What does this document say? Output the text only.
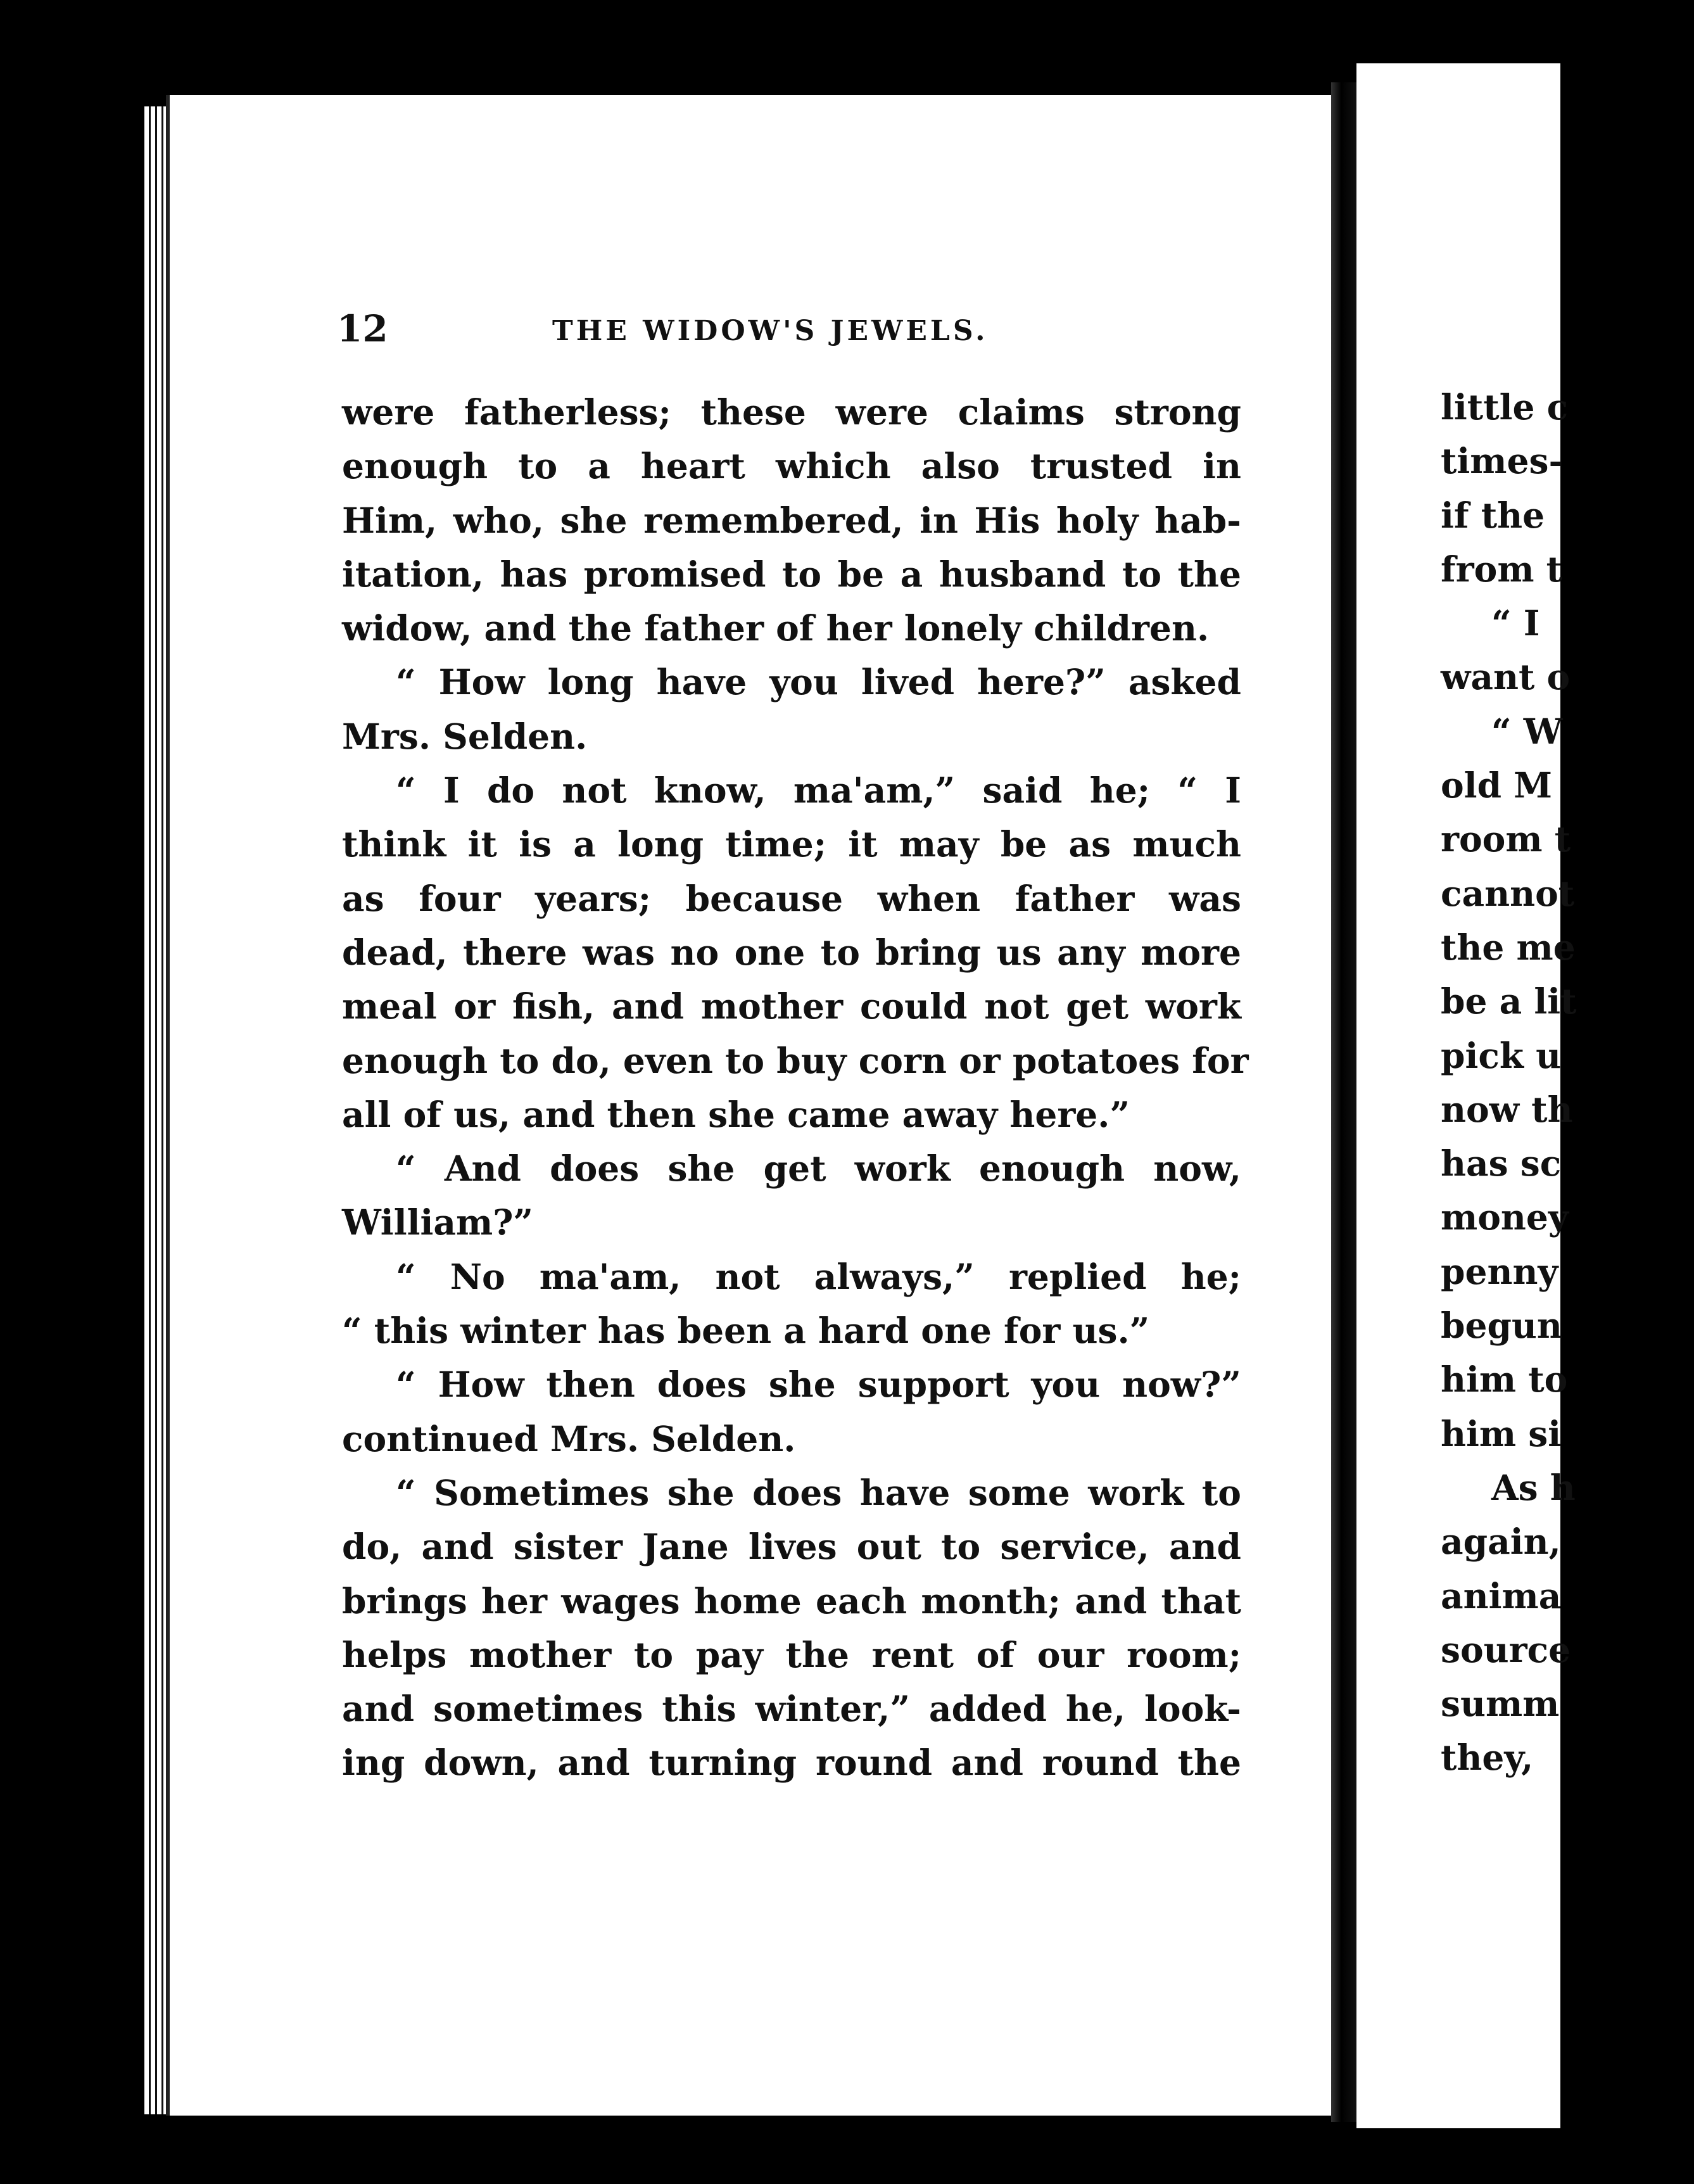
12	THE WIDOW'S JEWELS.
were fatherless; these were claims strong
enough to a heart which also trusted in
Him, who, she remembered, in His holy hab-
itation, has promised to be a husband to the
widow, and the father of her lonely children.
“ How long have you lived here?” asked
Mrs. Selden.
“ I do not know, ma'am,” said he; “ I
think it is a long time; it may be as much
as four years; because when father was
dead, there was no one to bring us any more
meal or fish, and mother could not get work
enough to do, even to buy corn or potatoes for
all of us, and then she came away here.”
“ And does she get work enough now,
William?”
“ No ma'am, not always,” replied he;
“ this winter has been a hard one for us.”
“ How then does she support you now?”
continued Mrs. Selden.
“ Sometimes she does have some work to
do, and sister Jane lives out to service, and
brings her wages home each month; and that
helps mother to pay the rent of our room;
and sometimes this winter,” added he, look-
ing down, and turning round and round the
little c
times-
if the
from t
“ I
want o
“ W
old M
room t
cannot
the me
be a lit
pick u
now th
has sc
money
penny
begun
him to
him si
As h
again,
anima
source
summ
they,
